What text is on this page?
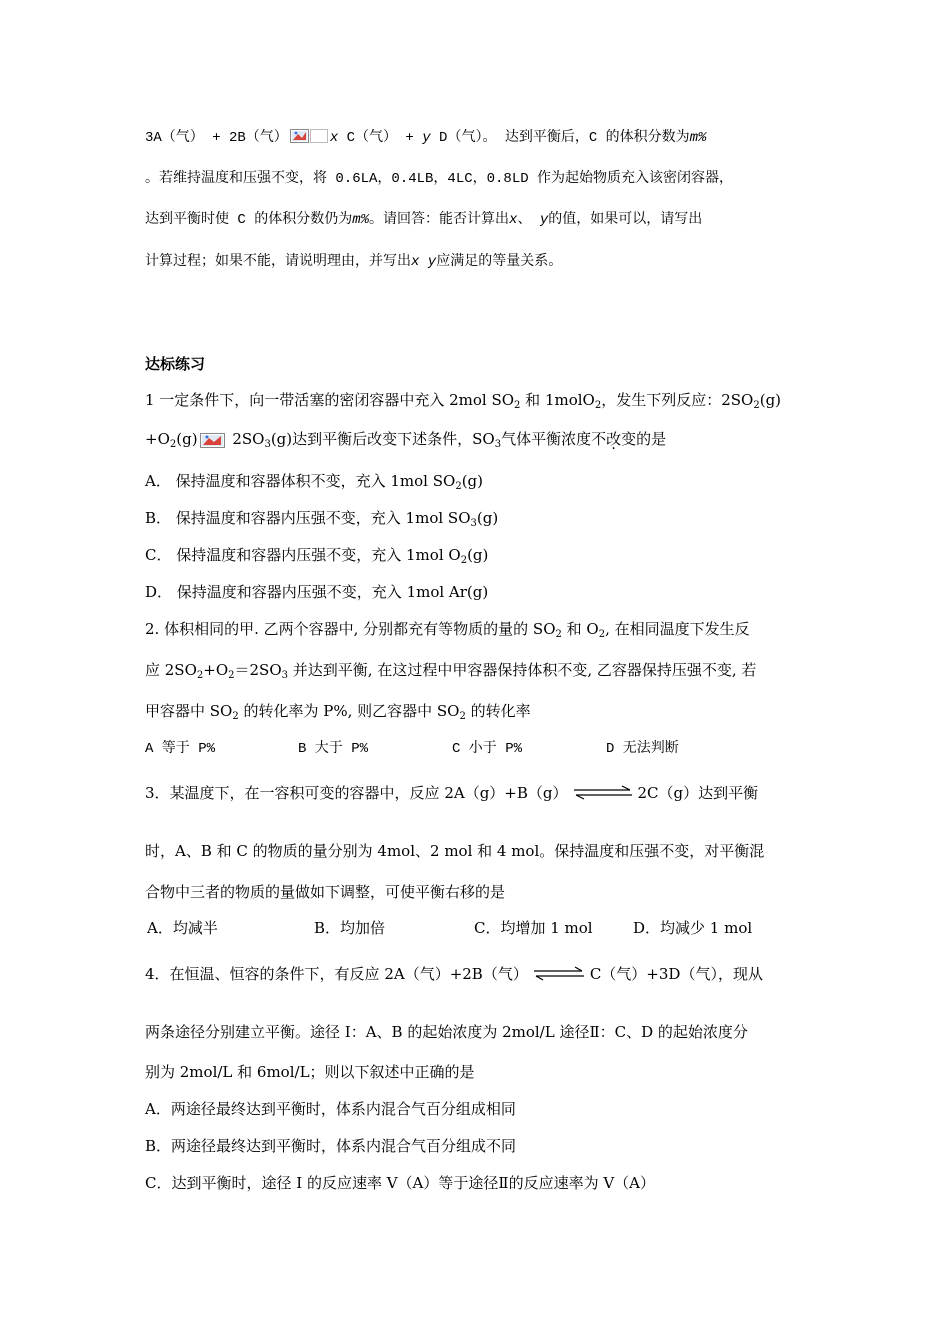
3A（气） + 2B（气）	x C（气） + y D（气）。 达到平衡后，C 的体积分数为m%
。若维持温度和压强不变，将 0.6LA，0.4LB，4LC，0.8LD 作为起始物质充入该密闭容器，
达到平衡时使 C 的体积分数仍为m%。请回答：能否计算出x、 y的值，如果可以，请写出
计算过程；如果不能，请说明理由，并写出x y应满足的等量关系。
达标练习
1 一定条件下，向一带活塞的密闭容器中充入 2mol $SO_2$ 和 1molO$_2$，发生下列反应：$2SO_2(g)$
$+O_2(g)$
$2SO_3(g)$达到平衡后改变下述条件，$SO_3$气体平衡浓度不改变的是
A． 保持温度和容器体积不变，充入 1mol $SO_2(g)$
B． 保持温度和容器内压强不变，充入 1mol $SO_3(g)$
C． 保持温度和容器内压强不变，充入 1mol $O_2(g)$
D． 保持温度和容器内压强不变，充入 1mol Ar(g)
2. 体积相同的甲. 乙两个容器中, 分别都充有等物质的量的 $SO_2$ 和 $O_2$, 在相同温度下发生反
应 $2SO_2+O_2=2SO_3$ 并达到平衡, 在这过程中甲容器保持体积不变, 乙容器保持压强不变, 若
甲容器中 $SO_2$ 的转化率为 P%, 则乙容器中 $SO_2$ 的转化率
A 等于 P%	B 大于 P%	C 小于 P%	D 无法判断
3．某温度下，在一容积可变的容器中，反应 2A（g）+B（g）	2C（g）达到平衡
时，A、B 和 C 的物质的量分别为 4mol、2 mol 和 4 mol。保持温度和压强不变，对平衡混
合物中三者的物质的量做如下调整，可使平衡右移的是
A．均减半	B．均加倍	C．均增加 1 mol	D．均减少 1 mol
4．在恒温、恒容的条件下，有反应 2A（气）+2B（气） ⇌ C（气）+3D（气），现从
两条途径分别建立平衡。途径 I：A、B 的起始浓度为 2mol/L 途径Ⅱ：C、D 的起始浓度分
别为 2mol/L 和 6mol/L；则以下叙述中正确的是
A．两途径最终达到平衡时，体系内混合气百分组成相同
B．两途径最终达到平衡时，体系内混合气百分组成不同
C．达到平衡时，途径 I 的反应速率 V（A）等于途径Ⅱ的反应速率为 V（A）
